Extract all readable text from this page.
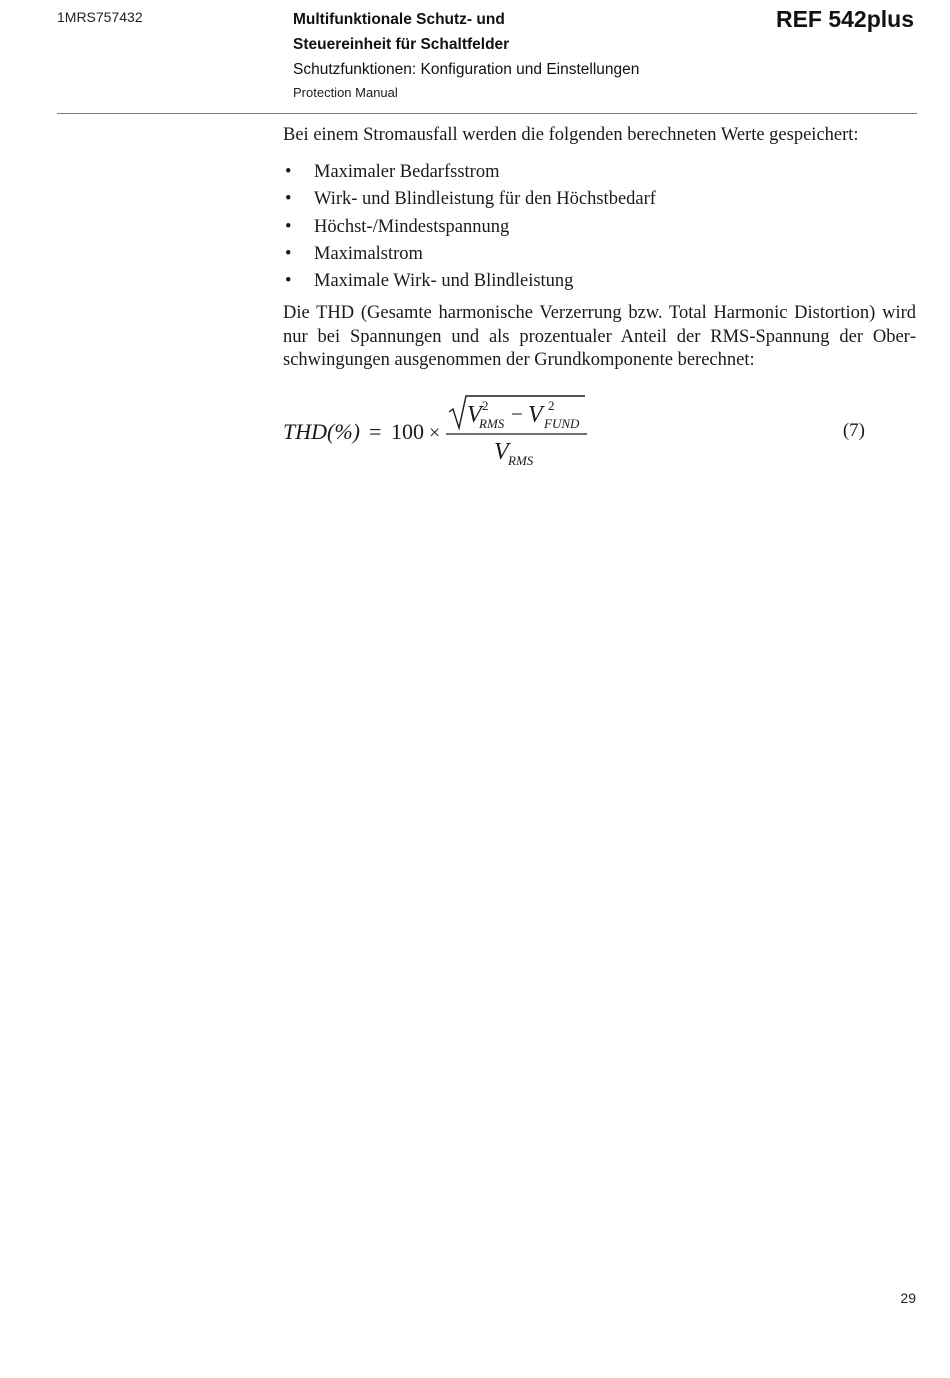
1MRS757432	Multifunktionale Schutz- und
Steuereinheit für Schaltfelder
Schutzfunktionen: Konfiguration und Einstellungen
Protection Manual
REF 542plus

Bei einem Stromausfall werden die folgenden berechneten Werte gespeichert:

• Maximaler Bedarfsstrom
• Wirk- und Blindleistung für den Höchstbedarf
• Höchst-/Mindestspannung
• Maximalstrom
• Maximale Wirk- und Blindleistung

Die THD (Gesamte harmonische Verzerrung bzw. Total Harmonic Distortion) wird nur bei Spannungen und als prozentualer Anteil der RMS-Spannung der Oberschwingungen ausgenommen der Grundkomponente berechnet:

THD(%) = 100 ×
V 2
RMS − V 2
FUND
V RMS
(7)
29
